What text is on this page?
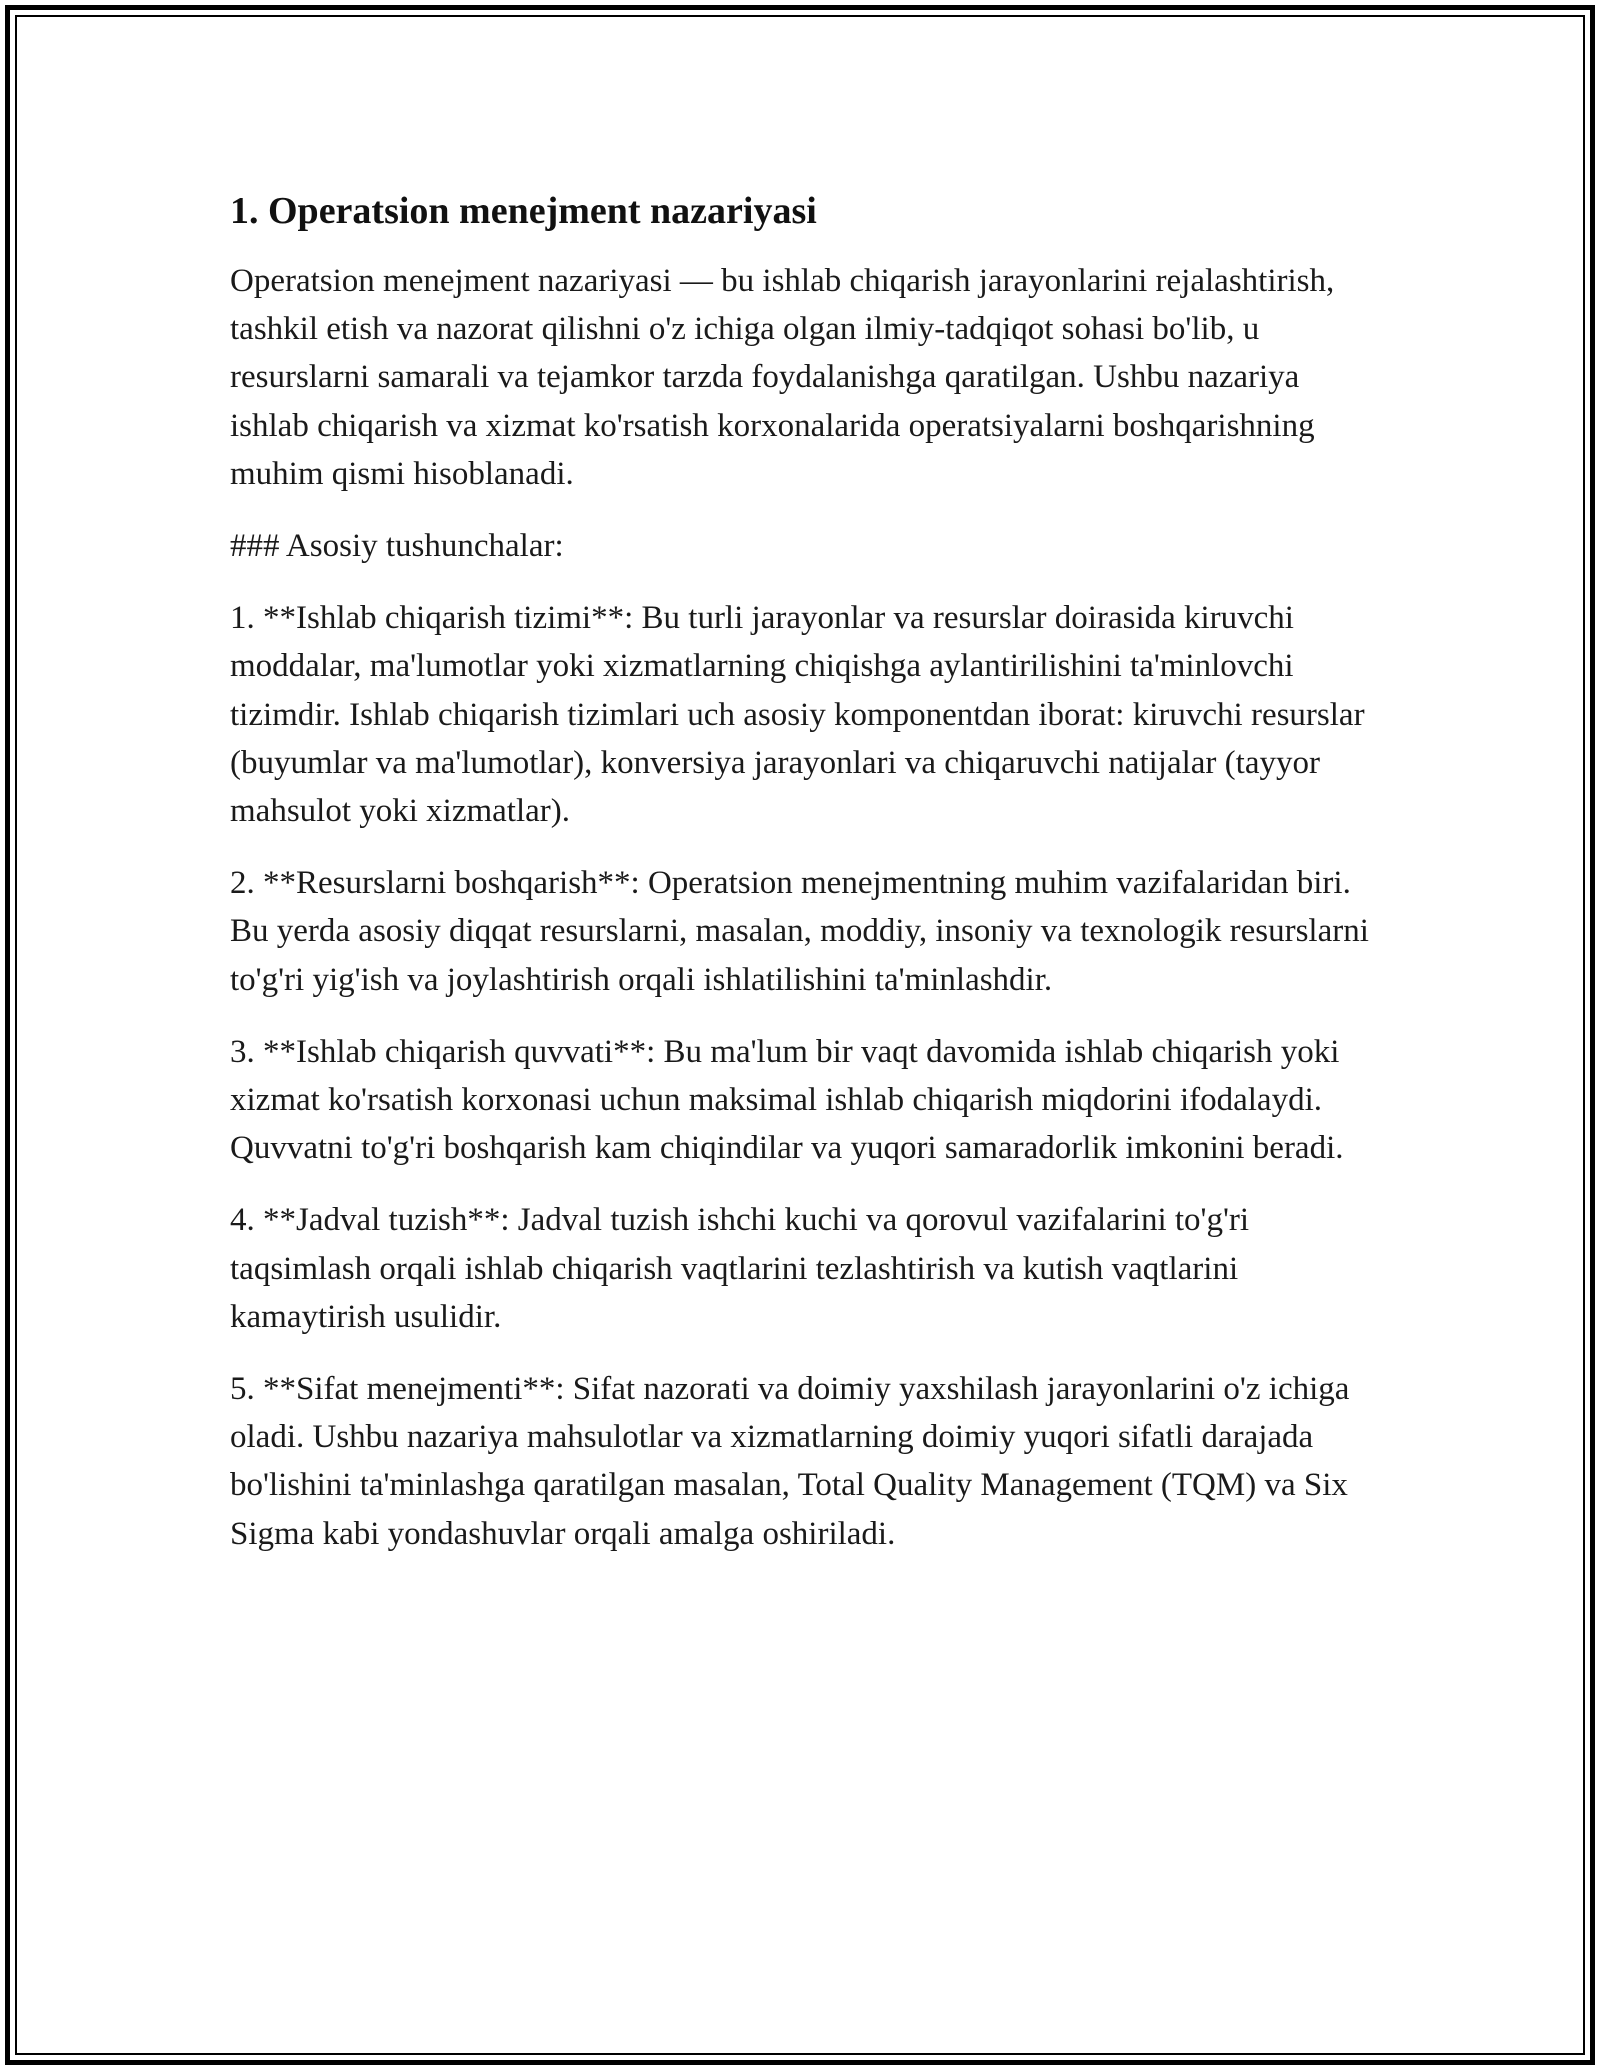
1. Operatsion menejment nazariyasi

Operatsion menejment nazariyasi — bu ishlab chiqarish jarayonlarini rejalashtirish, tashkil etish va nazorat qilishni o'z ichiga olgan ilmiy-tadqiqot sohasi bo'lib, u resurslarni samarali va tejamkor tarzda foydalanishga qaratilgan. Ushbu nazariya ishlab chiqarish va xizmat ko'rsatish korxonalarida operatsiyalarni boshqarishning muhim qismi hisoblanadi.

### Asosiy tushunchalar:

1. **Ishlab chiqarish tizimi**: Bu turli jarayonlar va resurslar doirasida kiruvchi moddalar, ma'lumotlar yoki xizmatlarning chiqishga aylantirilishini ta'minlovchi tizimdir. Ishlab chiqarish tizimlari uch asosiy komponentdan iborat: kiruvchi resurslar (buyumlar va ma'lumotlar), konversiya jarayonlari va chiqaruvchi natijalar (tayyor mahsulot yoki xizmatlar).

2. **Resurslarni boshqarish**: Operatsion menejmentning muhim vazifalaridan biri. Bu yerda asosiy diqqat resurslarni, masalan, moddiy, insoniy va texnologik resurslarni to'g'ri yig'ish va joylashtirish orqali ishlatilishini ta'minlashdir.

3. **Ishlab chiqarish quvvati**: Bu ma'lum bir vaqt davomida ishlab chiqarish yoki xizmat ko'rsatish korxonasi uchun maksimal ishlab chiqarish miqdorini ifodalaydi. Quvvatni to'g'ri boshqarish kam chiqindilar va yuqori samaradorlik imkonini beradi.

4. **Jadval tuzish**: Jadval tuzish ishchi kuchi va qorovul vazifalarini to'g'ri taqsimlash orqali ishlab chiqarish vaqtlarini tezlashtirish va kutish vaqtlarini kamaytirish usulidir.

5. **Sifat menejmenti**: Sifat nazorati va doimiy yaxshilash jarayonlarini o'z ichiga oladi. Ushbu nazariya mahsulotlar va xizmatlarning doimiy yuqori sifatli darajada bo'lishini ta'minlashga qaratilgan masalan, Total Quality Management (TQM) va Six Sigma kabi yondashuvlar orqali amalga oshiriladi.
